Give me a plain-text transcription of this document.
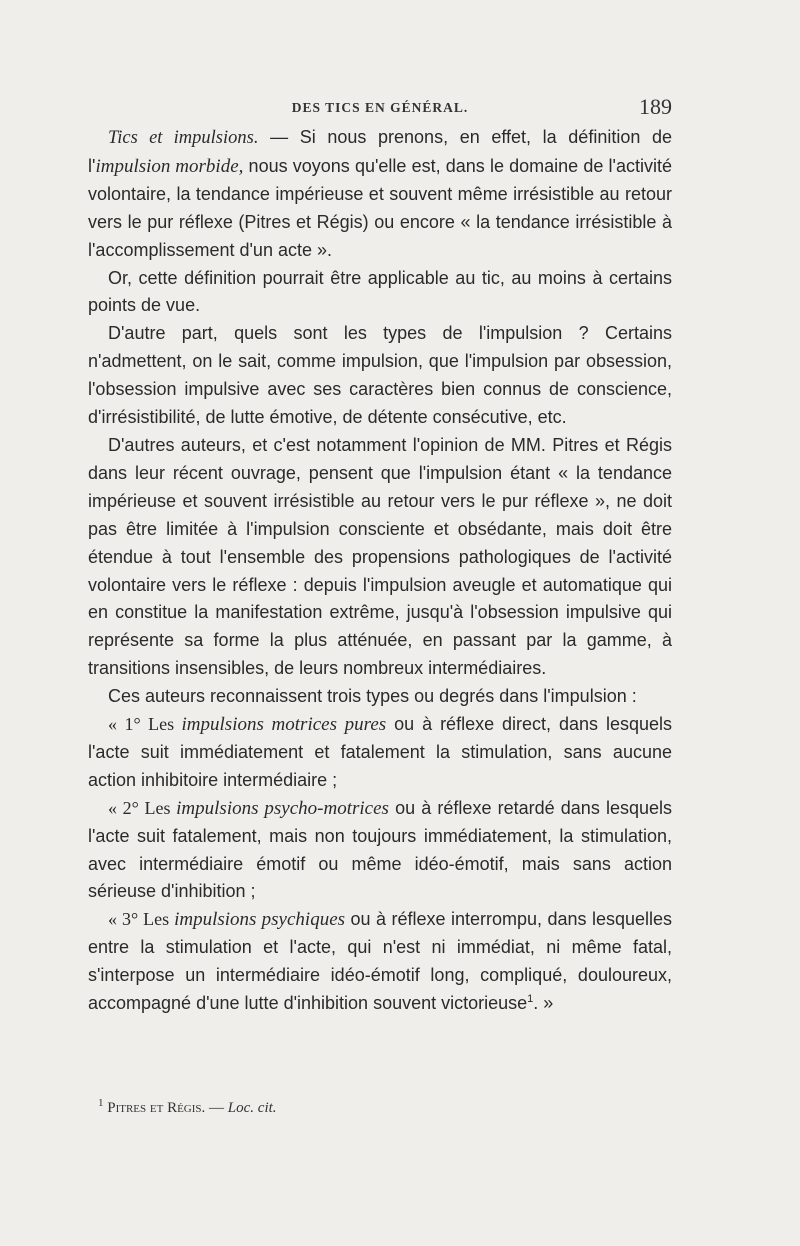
DES TICS EN GÉNÉRAL.	189

Tics et impulsions. — Si nous prenons, en effet, la définition de l'impulsion morbide, nous voyons qu'elle est, dans le domaine de l'activité volontaire, la tendance impérieuse et souvent même irrésistible au retour vers le pur réflexe (Pitres et Régis) ou encore « la tendance irrésistible à l'accomplissement d'un acte ».

Or, cette définition pourrait être applicable au tic, au moins à certains points de vue.

D'autre part, quels sont les types de l'impulsion ? Certains n'admettent, on le sait, comme impulsion, que l'impulsion par obsession, l'obsession impulsive avec ses caractères bien connus de conscience, d'irrésistibilité, de lutte émotive, de détente consécutive, etc.

D'autres auteurs, et c'est notamment l'opinion de MM. Pitres et Régis dans leur récent ouvrage, pensent que l'impulsion étant « la tendance impérieuse et souvent irrésistible au retour vers le pur réflexe », ne doit pas être limitée à l'impulsion consciente et obsédante, mais doit être étendue à tout l'ensemble des propensions pathologiques de l'activité volontaire vers le réflexe : depuis l'impulsion aveugle et automatique qui en constitue la manifestation extrême, jusqu'à l'obsession impulsive qui représente sa forme la plus atténuée, en passant par la gamme, à transitions insensibles, de leurs nombreux intermédiaires.

Ces auteurs reconnaissent trois types ou degrés dans l'impulsion :

« 1° Les impulsions motrices pures ou à réflexe direct, dans lesquels l'acte suit immédiatement et fatalement la stimulation, sans aucune action inhibitoire intermédiaire ;

« 2° Les impulsions psycho-motrices ou à réflexe retardé dans lesquels l'acte suit fatalement, mais non toujours immédiatement, la stimulation, avec intermédiaire émotif ou même idéo-émotif, mais sans action sérieuse d'inhibition ;

« 3° Les impulsions psychiques ou à réflexe interrompu, dans lesquelles entre la stimulation et l'acte, qui n'est ni immédiat, ni même fatal, s'interpose un intermédiaire idéo-émotif long, compliqué, douloureux, accompagné d'une lutte d'inhibition souvent victorieuse$^1$. »

$^1$ Pitres et Régis. — Loc. cit.
